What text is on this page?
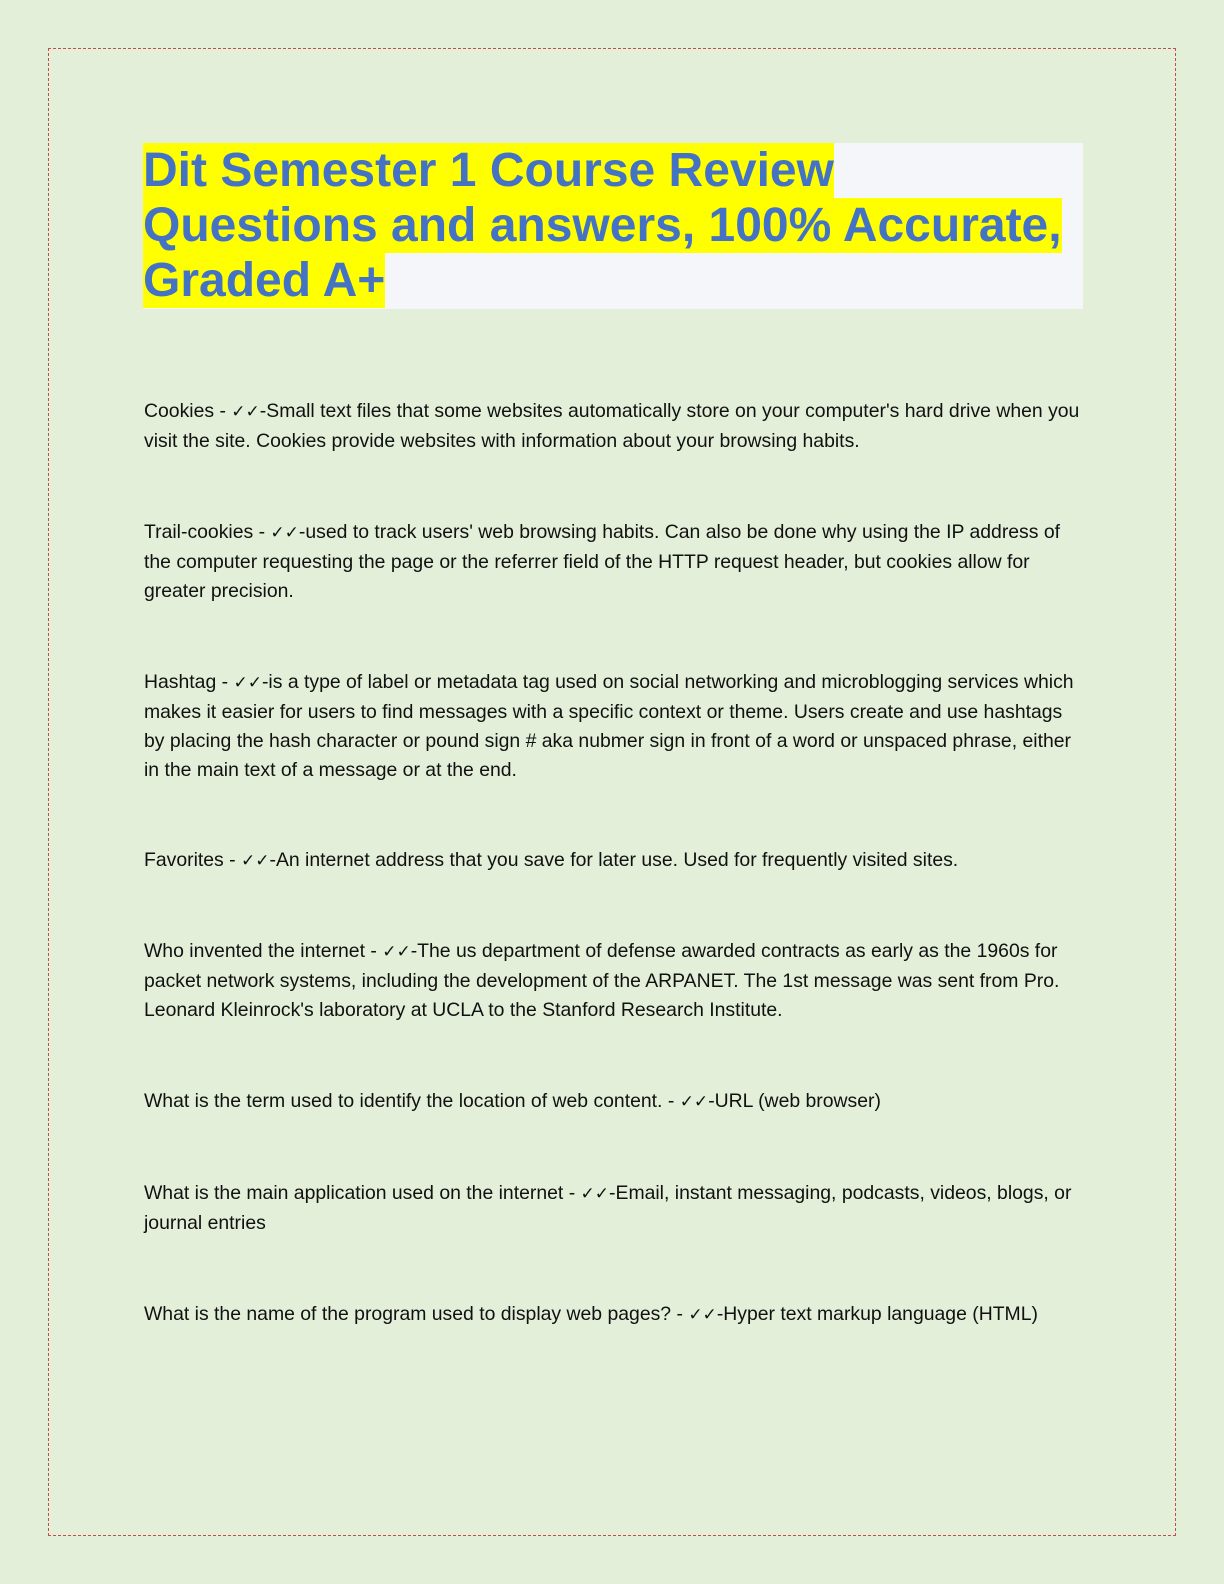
Dit Semester 1 Course Review
Questions and answers, 100% Accurate,
Graded A+

Cookies - ✓✓-Small text files that some websites automatically store on your computer's hard drive when you visit the site. Cookies provide websites with information about your browsing habits.

Trail-cookies - ✓✓-used to track users' web browsing habits. Can also be done why using the IP address of the computer requesting the page or the referrer field of the HTTP request header, but cookies allow for greater precision.

Hashtag - ✓✓-is a type of label or metadata tag used on social networking and microblogging services which makes it easier for users to find messages with a specific context or theme. Users create and use hashtags by placing the hash character or pound sign # aka nubmer sign in front of a word or unspaced phrase, either in the main text of a message or at the end.

Favorites - ✓✓-An internet address that you save for later use. Used for frequently visited sites.

Who invented the internet - ✓✓-The us department of defense awarded contracts as early as the 1960s for packet network systems, including the development of the ARPANET. The 1st message was sent from Pro. Leonard Kleinrock's laboratory at UCLA to the Stanford Research Institute.

What is the term used to identify the location of web content. - ✓✓-URL (web browser)

What is the main application used on the internet - ✓✓-Email, instant messaging, podcasts, videos, blogs, or journal entries

What is the name of the program used to display web pages? - ✓✓-Hyper text markup language (HTML)
